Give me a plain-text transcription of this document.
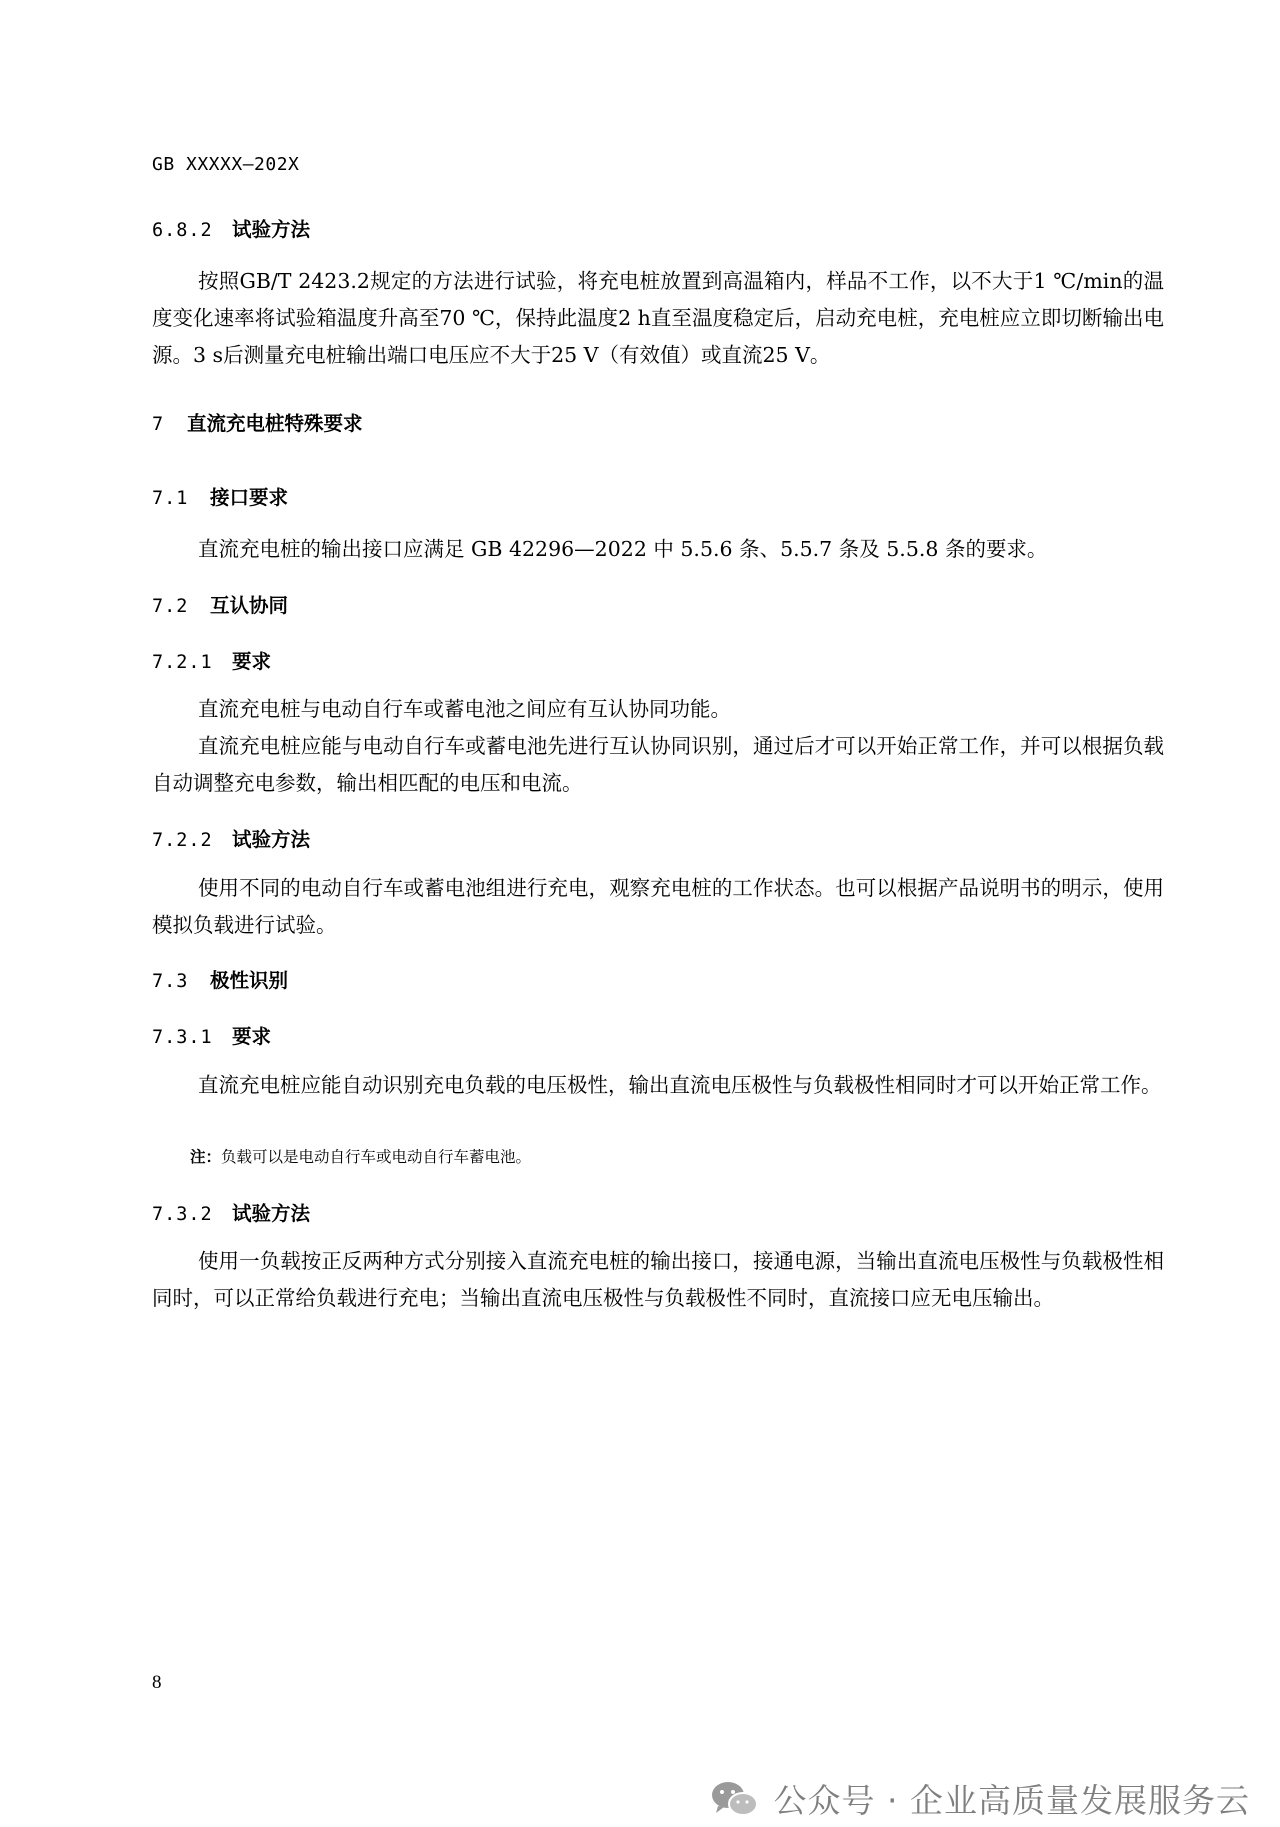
GB XXXXX—202X
6.8.2 试验方法
按照GB/T 2423.2规定的方法进行试验，将充电桩放置到高温箱内，样品不工作，以不大于1 ℃/min的温度变化速率将试验箱温度升高至70 ℃，保持此温度2 h直至温度稳定后，启动充电桩，充电桩应立即切断输出电源。3 s后测量充电桩输出端口电压应不大于25 V（有效值）或直流25 V。
7 直流充电桩特殊要求
7.1 接口要求
直流充电桩的输出接口应满足 GB 42296—2022 中 5.5.6 条、5.5.7 条及 5.5.8 条的要求。
7.2 互认协同
7.2.1 要求
直流充电桩与电动自行车或蓄电池之间应有互认协同功能。
直流充电桩应能与电动自行车或蓄电池先进行互认协同识别，通过后才可以开始正常工作，并可以根据负载自动调整充电参数，输出相匹配的电压和电流。
7.2.2 试验方法
使用不同的电动自行车或蓄电池组进行充电，观察充电桩的工作状态。也可以根据产品说明书的明示，使用模拟负载进行试验。
7.3 极性识别
7.3.1 要求
直流充电桩应能自动识别充电负载的电压极性，输出直流电压极性与负载极性相同时才可以开始正常工作。
注：负载可以是电动自行车或电动自行车蓄电池。
7.3.2 试验方法
使用一负载按正反两种方式分别接入直流充电桩的输出接口，接通电源，当输出直流电压极性与负载极性相同时，可以正常给负载进行充电；当输出直流电压极性与负载极性不同时，直流接口应无电压输出。
8
公众号 · 企业高质量发展服务云
